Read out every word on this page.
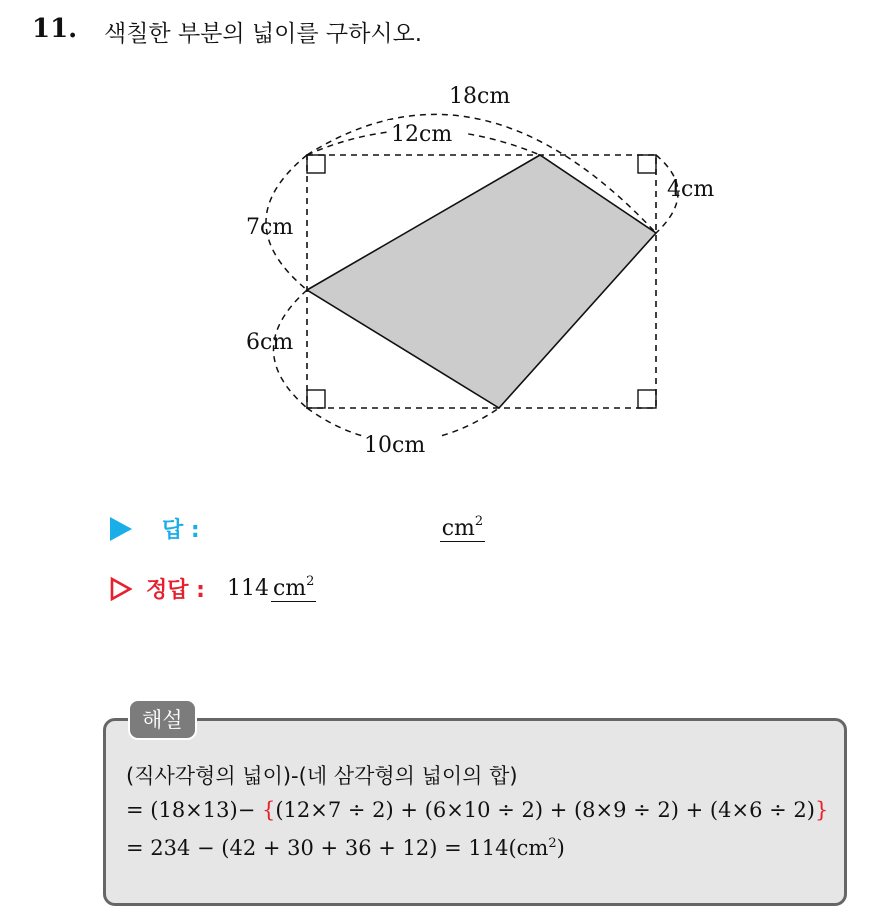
11. 색칠한 부분의 넓이를 구하시오.
18cm
12cm
4cm
7cm
6cm
10cm
답 :	$cm^2$
정답 : 114 $cm^2$
해설
(직사각형의 넓이)-(네 삼각형의 넓이의 합)
= (18×13)− {(12×7 ÷ 2) + (6×10 ÷ 2) + (8×9 ÷ 2) + (4×6 ÷ 2)}
= $234 - (42 + 30 + 36 + 12) = 114(cm^2)$
